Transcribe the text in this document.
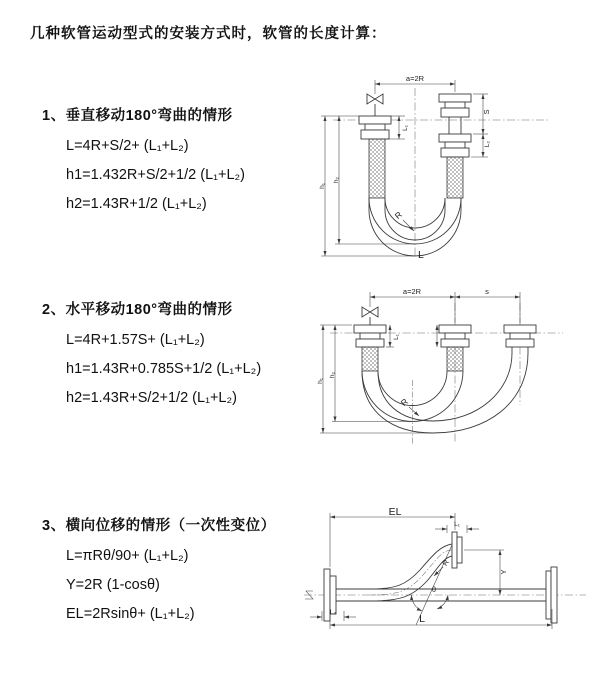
几种软管运动型式的安装方式时，软管的长度计算：
1、垂直移动180°弯曲的情形
L=4R+S/2+ (L₁+L₂)
h1=1.432R+S/2+1/2 (L₁+L₂)
h2=1.43R+1/2 (L₁+L₂)
a=2R
L₁
S
L₂
h₁
h₂
R
L
2、水平移动180°弯曲的情形
L=4R+1.57S+ (L₁+L₂)
h1=1.43R+0.785S+1/2 (L₁+L₂)
h2=1.43R+S/2+1/2 (L₁+L₂)
a=2R	s
L₁
h₁
h₂
R
3、横向位移的情形（一次性变位）
L=πRθ/90+ (L₁+L₂)
Y=2R (1-cosθ)
EL=2Rsinθ+ (L₁+L₂)
EL
L₁
Y
θ
R
L₂
L
